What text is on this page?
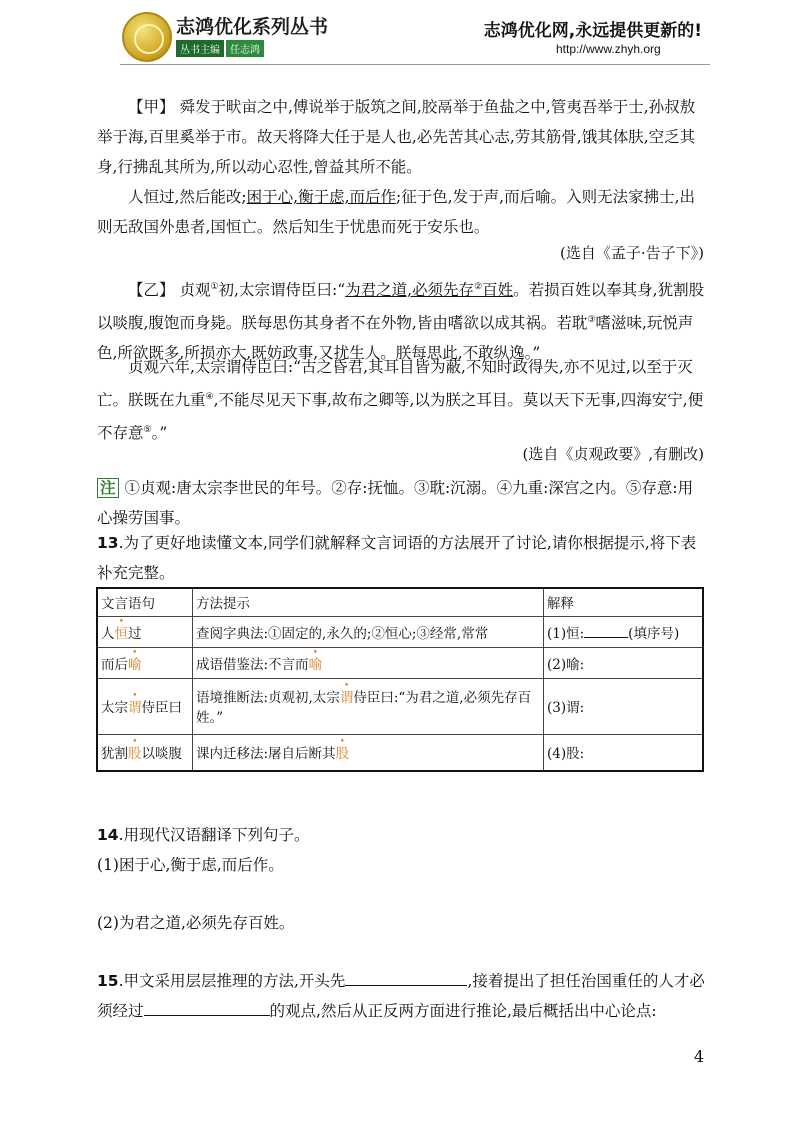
志鸿优化系列丛书
丛书主编 任志鸿
志鸿优化网,永远提供更新的!
http://www.zhyh.org

【甲】 舜发于畎亩之中,傅说举于版筑之间,胶鬲举于鱼盐之中,管夷吾举于士,孙叔敖举于海,百里奚举于市。故天将降大任于是人也,必先苦其心志,劳其筋骨,饿其体肤,空乏其身,行拂乱其所为,所以动心忍性,曾益其所不能。

人恒过,然后能改;困于心,衡于虑,而后作;征于色,发于声,而后喻。入则无法家拂士,出则无敌国外患者,国恒亡。然后知生于忧患而死于安乐也。

(选自《孟子·告子下》)

【乙】 贞观①初,太宗谓侍臣曰:“为君之道,必须先存②百姓。若损百姓以奉其身,犹割股以啖腹,腹饱而身毙。朕每思伤其身者不在外物,皆由嗜欲以成其祸。若耽③嗜滋味,玩悦声色,所欲既多,所损亦大,既妨政事,又扰生人。朕每思此,不敢纵逸。”

贞观六年,太宗谓侍臣曰:“古之昏君,其耳目皆为蔽,不知时政得失,亦不见过,以至于灭亡。朕既在九重④,不能尽见天下事,故布之卿等,以为朕之耳目。莫以天下无事,四海安宁,便不存意⑤。”

(选自《贞观政要》,有删改)

注 ①贞观:唐太宗李世民的年号。②存:抚恤。③耽:沉溺。④九重:深宫之内。⑤存意:用心操劳国事。

13.为了更好地读懂文本,同学们就解释文言词语的方法展开了讨论,请你根据提示,将下表补充完整。

文言语句	方法提示	解释
人恒过	查阅字典法:①固定的,永久的;②恒心;③经常,常常	(1)恒: (填序号)
而后喻	成语借鉴法:不言而喻	(2)喻:
太宗谓侍臣曰	语境推断法:贞观初,太宗谓侍臣曰:“为君之道,必须先存百姓。”	(3)谓:
犹割股以啖腹	课内迁移法:屠自后断其股	(4)股:

14.用现代汉语翻译下列句子。

(1)困于心,衡于虑,而后作。

(2)为君之道,必须先存百姓。

15.甲文采用层层推理的方法,开头先	,接着提出了担任治国重任的人才必须经过	的观点,然后从正反两方面进行推论,最后概括出中心论点:

4
